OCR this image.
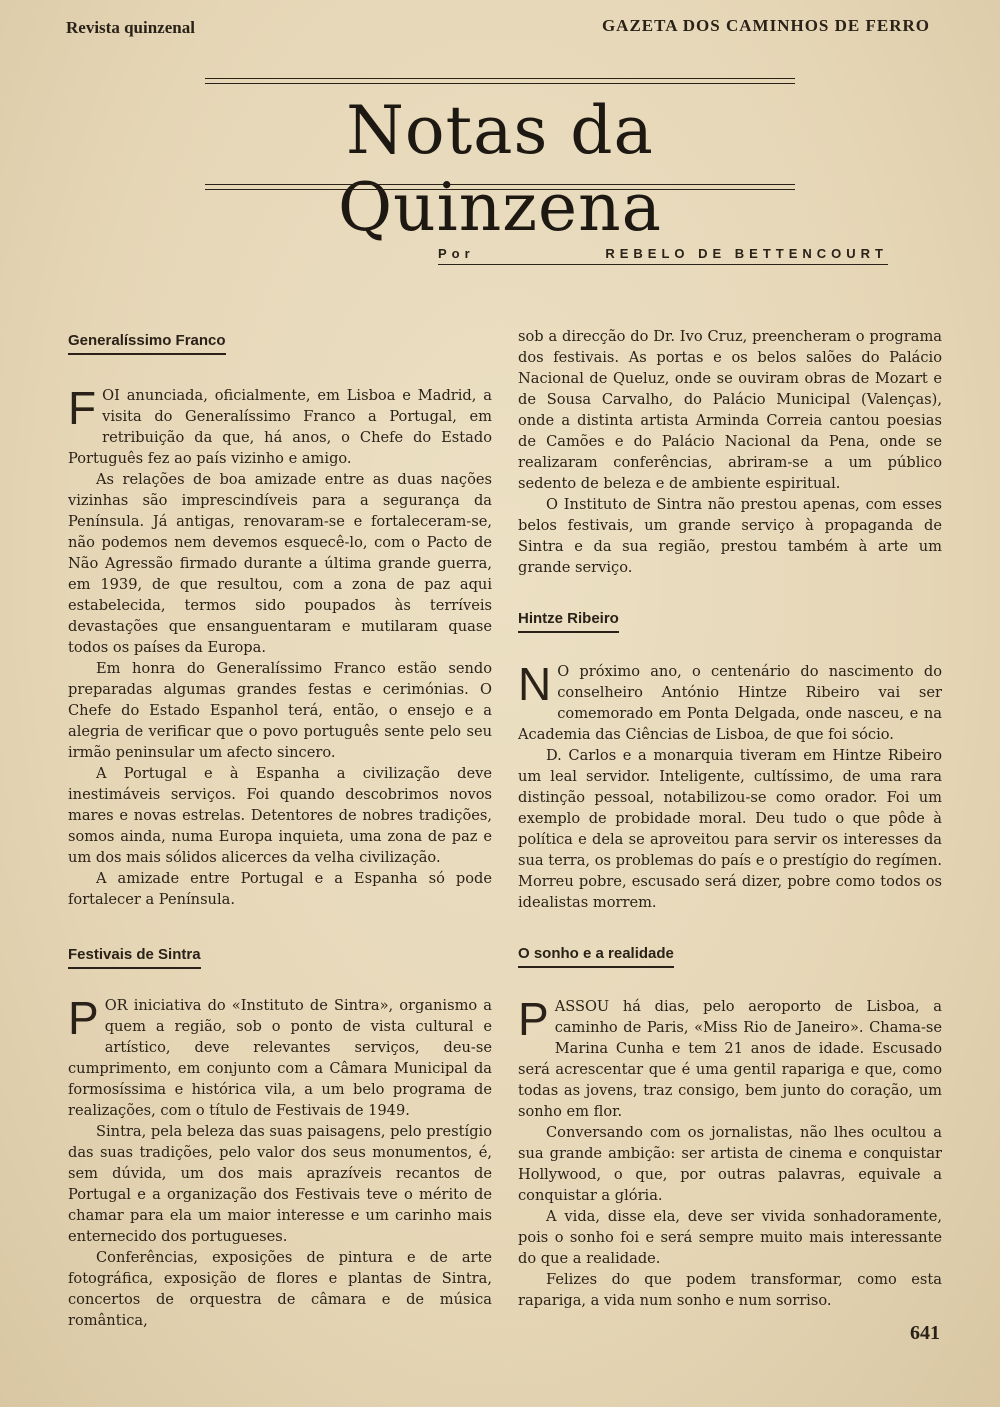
Revista quinzenal	GAZETA DOS CAMINHOS DE FERRO
Notas da Quinzena
Por	REBELO DE BETTENCOURT
Generalíssimo Franco

FOI anunciada, oficialmente, em Lisboa e Madrid, a visita do Generalíssimo Franco a Portugal, em retribuição da que, há anos, o Chefe do Estado Português fez ao país vizinho e amigo.

As relações de boa amizade entre as duas nações vizinhas são imprescindíveis para a segurança da Península. Já antigas, renovaram-se e fortaleceram-se, não podemos nem devemos esquecê-lo, com o Pacto de Não Agressão firmado durante a última grande guerra, em 1939, de que resultou, com a zona de paz aqui estabelecida, termos sido poupados às terríveis devastações que ensanguentaram e mutilaram quase todos os países da Europa.

Em honra do Generalíssimo Franco estão sendo preparadas algumas grandes festas e cerimónias. O Chefe do Estado Espanhol terá, então, o ensejo e a alegria de verificar que o povo português sente pelo seu irmão peninsular um afecto sincero.

A Portugal e à Espanha a civilização deve inestimáveis serviços. Foi quando descobrimos novos mares e novas estrelas. Detentores de nobres tradições, somos ainda, numa Europa inquieta, uma zona de paz e um dos mais sólidos alicerces da velha civilização.

A amizade entre Portugal e a Espanha só pode fortalecer a Península.

Festivais de Sintra

POR iniciativa do «Instituto de Sintra», organismo a quem a região, sob o ponto de vista cultural e artístico, deve relevantes serviços, deu-se cumprimento, em conjunto com a Câmara Municipal da formosíssima e histórica vila, a um belo programa de realizações, com o título de Festivais de 1949.

Sintra, pela beleza das suas paisagens, pelo prestígio das suas tradições, pelo valor dos seus monumentos, é, sem dúvida, um dos mais aprazíveis recantos de Portugal e a organização dos Festivais teve o mérito de chamar para ela um maior interesse e um carinho mais enternecido dos portugueses.

Conferências, exposições de pintura e de arte fotográfica, exposição de flores e plantas de Sintra, concertos de orquestra de câmara e de música romântica,

sob a direcção do Dr. Ivo Cruz, preencheram o programa dos festivais. As portas e os belos salões do Palácio Nacional de Queluz, onde se ouviram obras de Mozart e de Sousa Carvalho, do Palácio Municipal (Valenças), onde a distinta artista Arminda Correia cantou poesias de Camões e do Palácio Nacional da Pena, onde se realizaram conferências, abriram-se a um público sedento de beleza e de ambiente espiritual.

O Instituto de Sintra não prestou apenas, com esses belos festivais, um grande serviço à propaganda de Sintra e da sua região, prestou também à arte um grande serviço.

Hintze Ribeiro

N O próximo ano, o centenário do nascimento do conselheiro António Hintze Ribeiro vai ser comemorado em Ponta Delgada, onde nasceu, e na Academia das Ciências de Lisboa, de que foi sócio.

D. Carlos e a monarquia tiveram em Hintze Ribeiro um leal servidor. Inteligente, cultíssimo, de uma rara distinção pessoal, notabilizou-se como orador. Foi um exemplo de probidade moral. Deu tudo o que pôde à política e dela se aproveitou para servir os interesses da sua terra, os problemas do país e o prestígio do regímen. Morreu pobre, escusado será dizer, pobre como todos os idealistas morrem.

O sonho e a realidade

PASSOU há dias, pelo aeroporto de Lisboa, a caminho de Paris, «Miss Rio de Janeiro». Chama-se Marina Cunha e tem 21 anos de idade. Escusado será acrescentar que é uma gentil rapariga e que, como todas as jovens, traz consigo, bem junto do coração, um sonho em flor.

Conversando com os jornalistas, não lhes ocultou a sua grande ambição: ser artista de cinema e conquistar Hollywood, o que, por outras palavras, equivale a conquistar a glória.

A vida, disse ela, deve ser vivida sonhadoramente, pois o sonho foi e será sempre muito mais interessante do que a realidade.

Felizes do que podem transformar, como esta rapariga, a vida num sonho e num sorriso.

641
